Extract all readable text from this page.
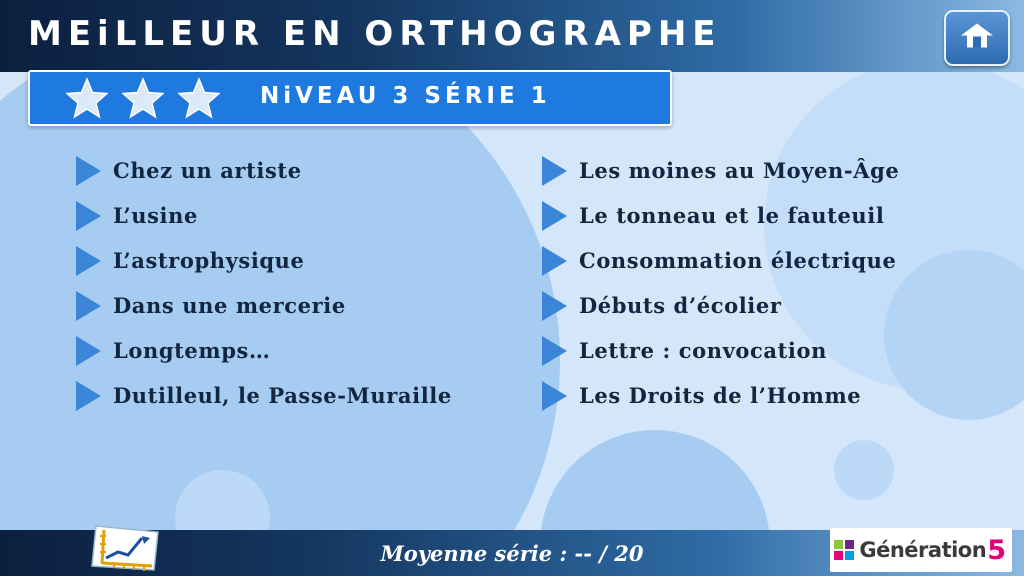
MEiLLEUR EN ORTHOGRAPHE
NiVEAU 3 SÉRIE 1
Chez un artiste
L’usine
L’astrophysique
Dans une mercerie
Longtemps…
Dutilleul, le Passe-Muraille
Les moines au Moyen-Âge
Le tonneau et le fauteuil
Consommation électrique
Débuts d’écolier
Lettre : convocation
Les Droits de l’Homme
Moyenne série : -- / 20	Génération 5
